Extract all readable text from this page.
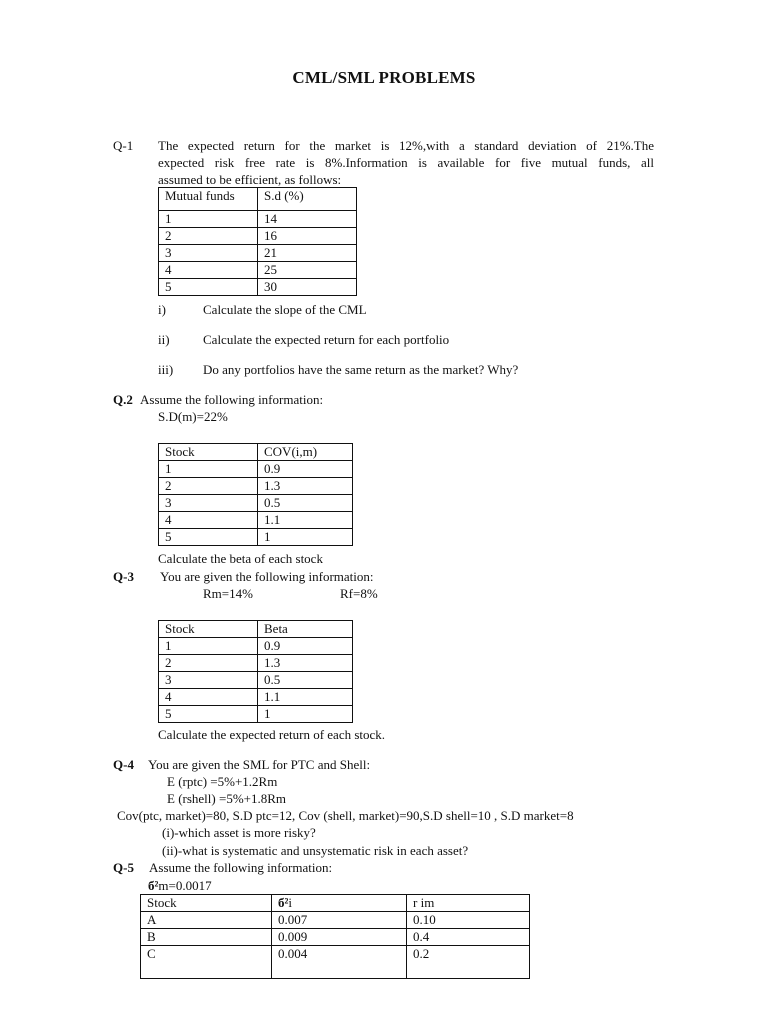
CML/SML PROBLEMS
Q-1 The expected return for the market is 12%,with a standard deviation of 21%.The
expected risk free rate is 8%.Information is available for five mutual funds, all
assumed to be efficient, as follows:
Mutual funds	S.d (%)
1	14
2	16
3	21
4	25
5	30
i)	Calculate the slope of the CML
ii)	Calculate the expected return for each portfolio
iii) Do any portfolios have the same return as the market? Why?
Q.2 Assume the following information:
S.D(m)=22%
Stock	COV(i,m)
1	0.9
2	1.3
3	0.5
4	1.1
5	1
Calculate the beta of each stock
Q-3 You are given the following information:
Rm=14%	Rf=8%
Stock	Beta
1	0.9
2	1.3
3	0.5
4	1.1
5	1
Calculate the expected return of each stock.
Q-4 You are given the SML for PTC and Shell:
E (rptc) =5%+1.2Rm
E (rshell) =5%+1.8Rm
Cov(ptc, market)=80, S.D ptc=12, Cov (shell, market)=90,S.D shell=10 , S.D market=8
(i)-which asset is more risky?
(ii)-what is systematic and unsystematic risk in each asset?
Q-5 Assume the following information:
б²m=0.0017
Stock	б²i	r im
A	0.007	0.10
B	0.009	0.4
C	0.004	0.2
